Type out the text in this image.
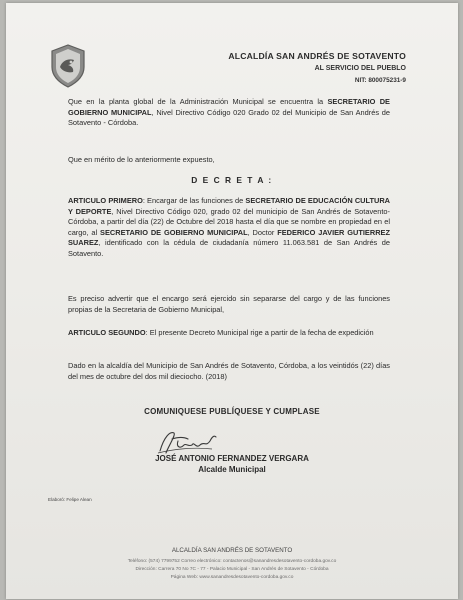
ALCALDÍA SAN ANDRÉS DE SOTAVENTO
AL SERVICIO DEL PUEBLO
NIT: 800075231-9
Que en la planta global de la Administración Municipal se encuentra la SECRETARIO DE GOBIERNO MUNICIPAL, Nivel Directivo Código 020 Grado 02 del Municipio de San Andrés de Sotavento - Córdoba.
Que en mérito de lo anteriormente expuesto,
D E C R E T A :
ARTICULO PRIMERO: Encargar de las funciones de SECRETARIO DE EDUCACIÓN CULTURA Y DEPORTE, Nivel Directivo Código 020, grado 02 del municipio de San Andrés de Sotavento- Córdoba, a partir del día (22) de Octubre del 2018 hasta el día que se nombre en propiedad en el cargo, al SECRETARIO DE GOBIERNO MUNICIPAL, Doctor FEDERICO JAVIER GUTIERREZ SUAREZ, identificado con la cédula de ciudadanía número 11.063.581 de San Andrés de Sotavento.
Es preciso advertir que el encargo será ejercido sin separarse del cargo y de las funciones propias de la Secretaria de Gobierno Municipal,
ARTICULO SEGUNDO: El presente Decreto Municipal rige a partir de la fecha de expedición
Dado en la alcaldía del Municipio de San Andrés de Sotavento, Córdoba, a los veintidós (22) días del mes de octubre del dos mil dieciocho. (2018)
COMUNIQUESE PUBLÍQUESE Y CUMPLASE
JOSÉ ANTONIO FERNANDEZ VERGARA
Alcalde Municipal
Elaboró: Felipe Alean
ALCALDÍA SAN ANDRÉS DE SOTAVENTO
Teléfono: (574) 7799752 Correo electrónico: contactenos@sanandresdesotavento-cordoba.gov.co
Dirección: Carrera 70 No 7C - 77 - Palacio Municipal - San Andrés de Sotavento - Córdoba
Página Web: www.sanandresdesotavento-cordoba.gov.co
